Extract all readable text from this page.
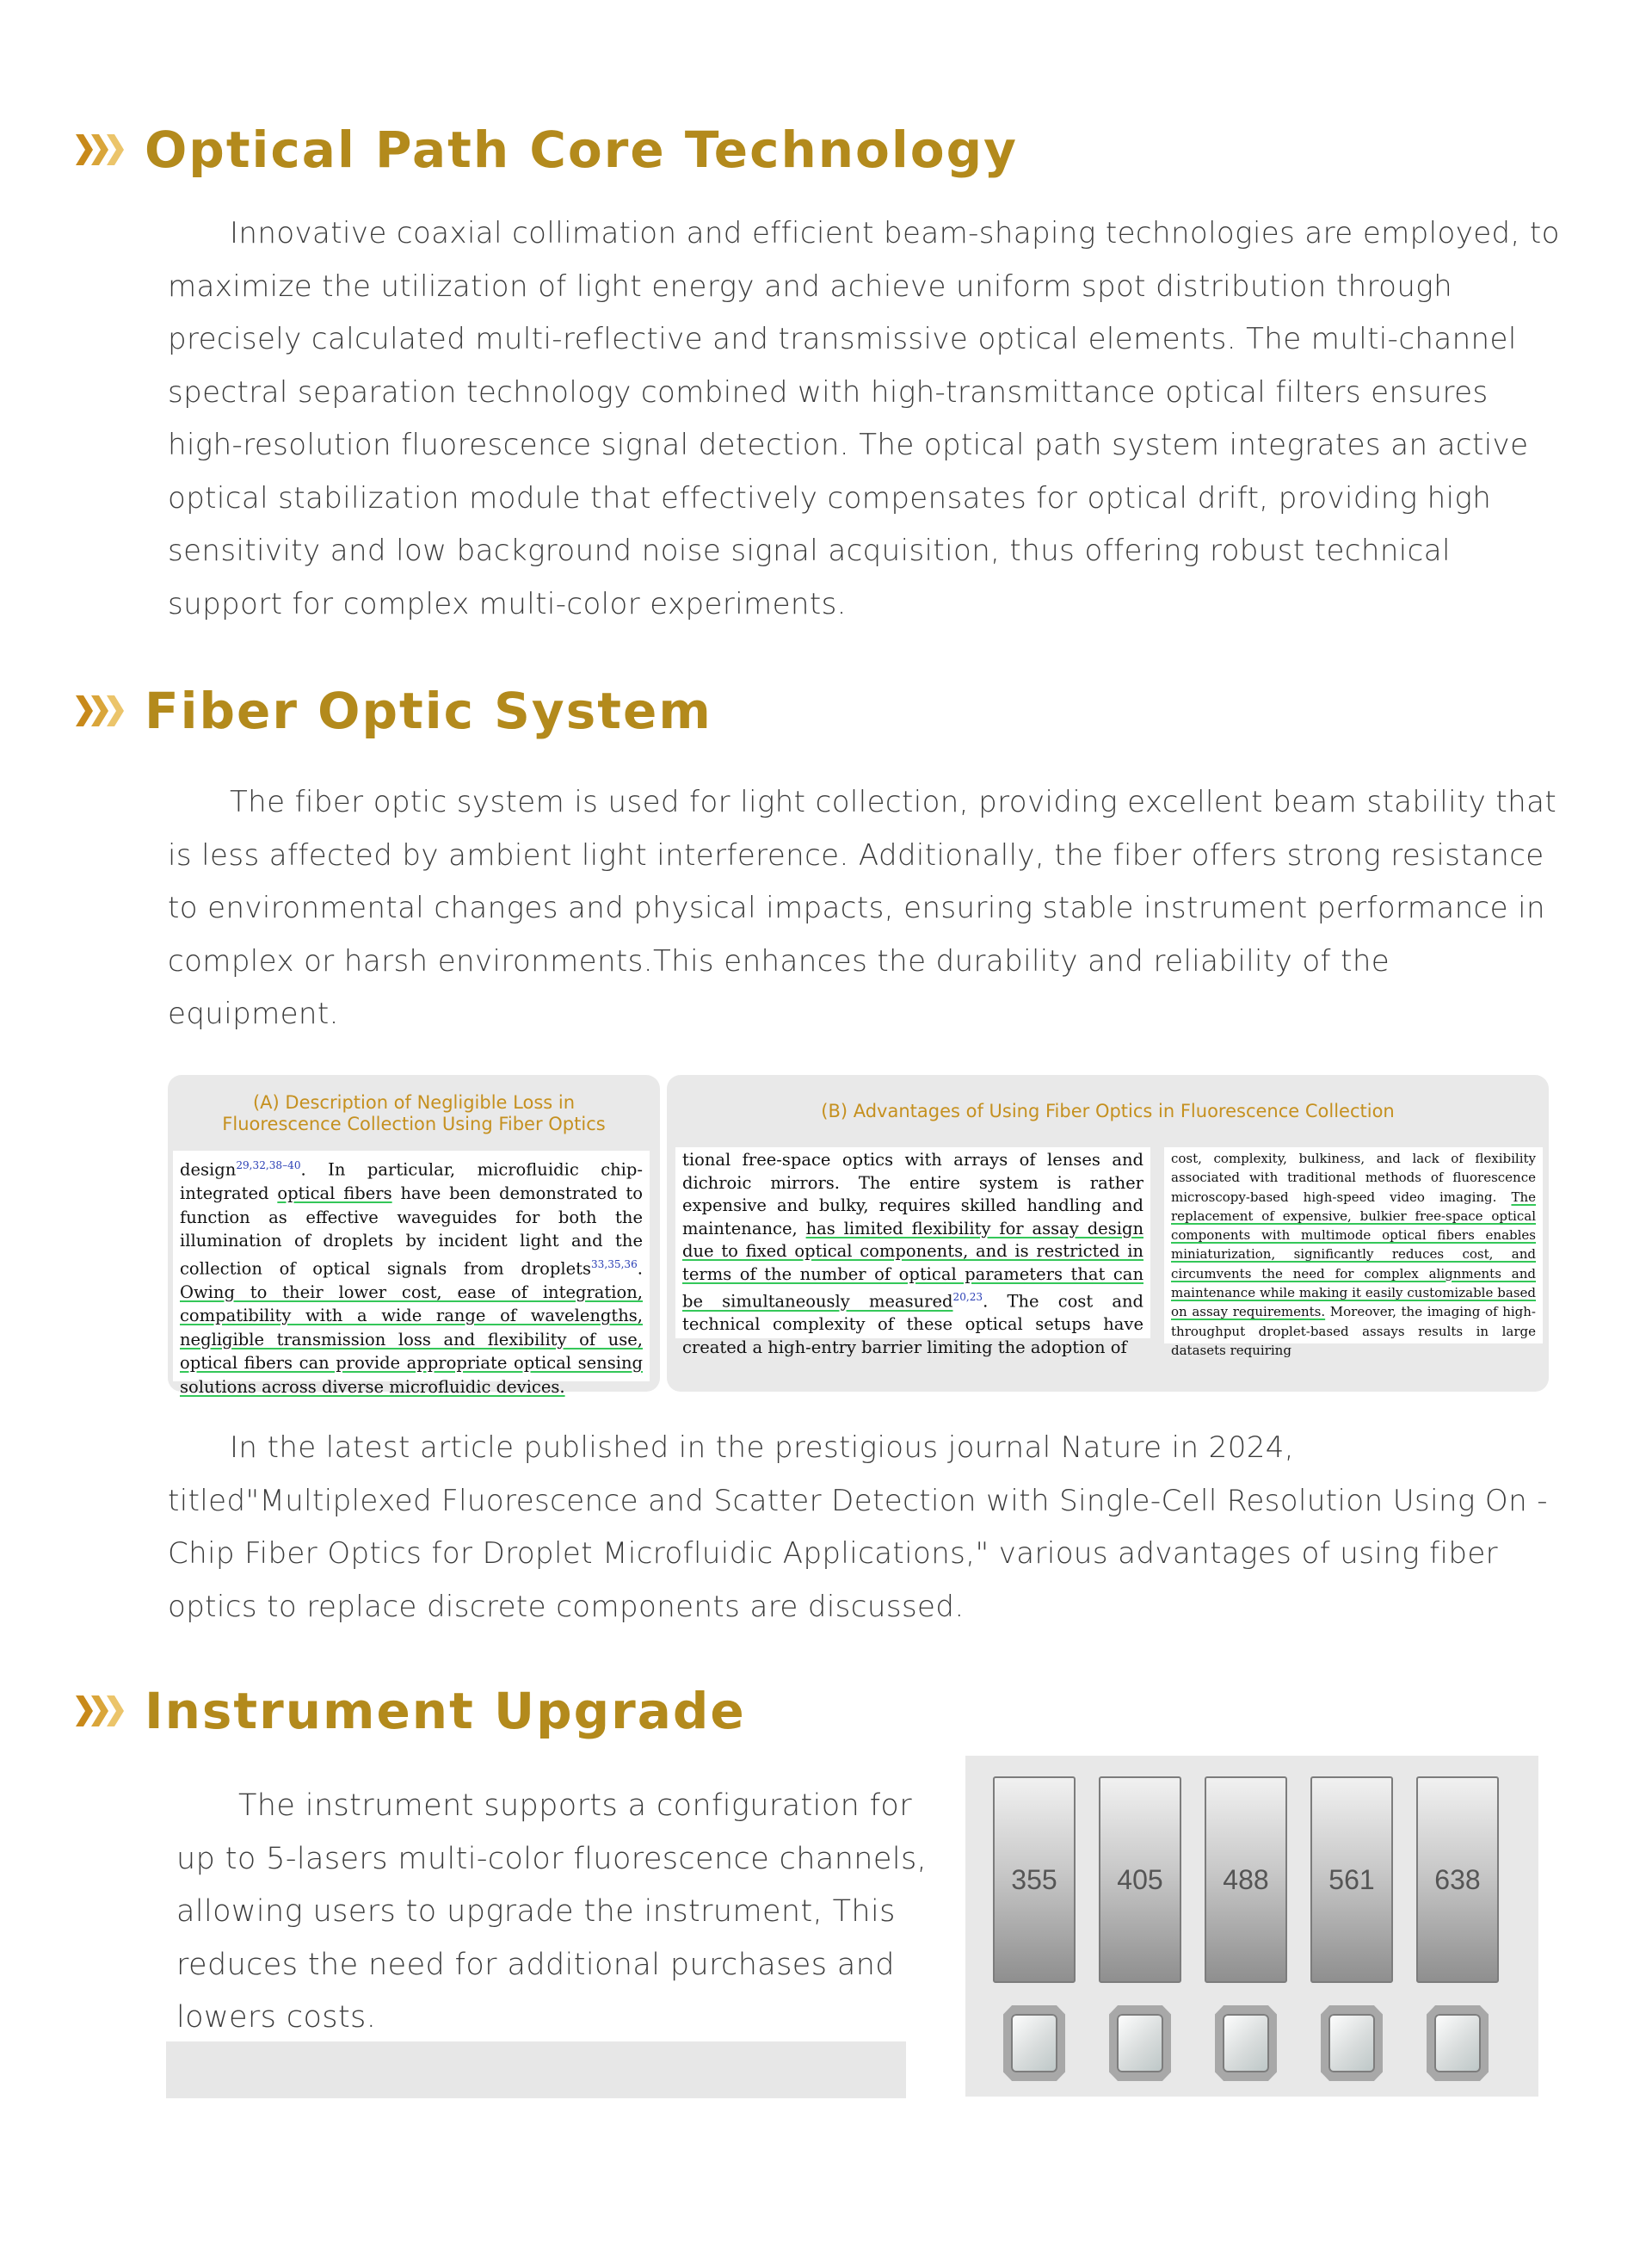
Optical Path Core Technology

Innovative coaxial collimation and efficient beam-shaping technologies are employed, to maximize the utilization of light energy and achieve uniform spot distribution through precisely calculated multi-reflective and transmissive optical elements. The multi-channel spectral separation technology combined with high-transmittance optical filters ensures high-resolution fluorescence signal detection. The optical path system integrates an active optical stabilization module that effectively compensates for optical drift, providing high sensitivity and low background noise signal acquisition, thus offering robust technical support for complex multi-color experiments.

Fiber Optic System

The fiber optic system is used for light collection, providing excellent beam stability that is less affected by ambient light interference. Additionally, the fiber offers strong resistance to environmental changes and physical impacts, ensuring stable instrument performance in complex or harsh environments.This enhances the durability and reliability of the equipment.

(A) Description of Negligible Loss in
Fluorescence Collection Using Fiber Optics
design$^{29,32,38-40}$. In particular, microfluidic chip-integrated optical fibers have been demonstrated to function as effective waveguides for both the illumination of droplets by incident light and the collection of optical signals from droplets$^{33,35,36}$. Owing to their lower cost, ease of integration, compatibility with a wide range of wavelengths, negligible transmission loss and flexibility of use, optical fibers can provide appropriate optical sensing solutions across diverse microfluidic devices.
(B) Advantages of Using Fiber Optics in Fluorescence Collection
tional free-space optics with arrays of lenses and dichroic mirrors. The entire system is rather expensive and bulky, requires skilled handling and maintenance, has limited flexibility for assay design due to fixed optical components, and is restricted in terms of the number of optical parameters that can be simultaneously measured$^{20,23}$. The cost and technical complexity of these optical setups have created a high-entry barrier limiting the adoption of
cost, complexity, bulkiness, and lack of flexibility associated with traditional methods of fluorescence microscopy-based high-speed video imaging. The replacement of expensive, bulkier free-space optical components with multimode optical fibers enables miniaturization, significantly reduces cost, and circumvents the need for complex alignments and maintenance while making it easily customizable based on assay requirements. Moreover, the imaging of high-throughput droplet-based assays results in large datasets requiring

In the latest article published in the prestigious journal Nature in 2024, titled"Multiplexed Fluorescence and Scatter Detection with Single-Cell Resolution Using On -Chip Fiber Optics for Droplet Microfluidic Applications," various advantages of using fiber optics to replace discrete components are discussed.

Instrument Upgrade

The instrument supports a configuration for up to 5-lasers multi-color fluorescence channels, allowing users to upgrade the instrument, This reduces the need for additional purchases and lowers costs.

355 405 488 561 638
